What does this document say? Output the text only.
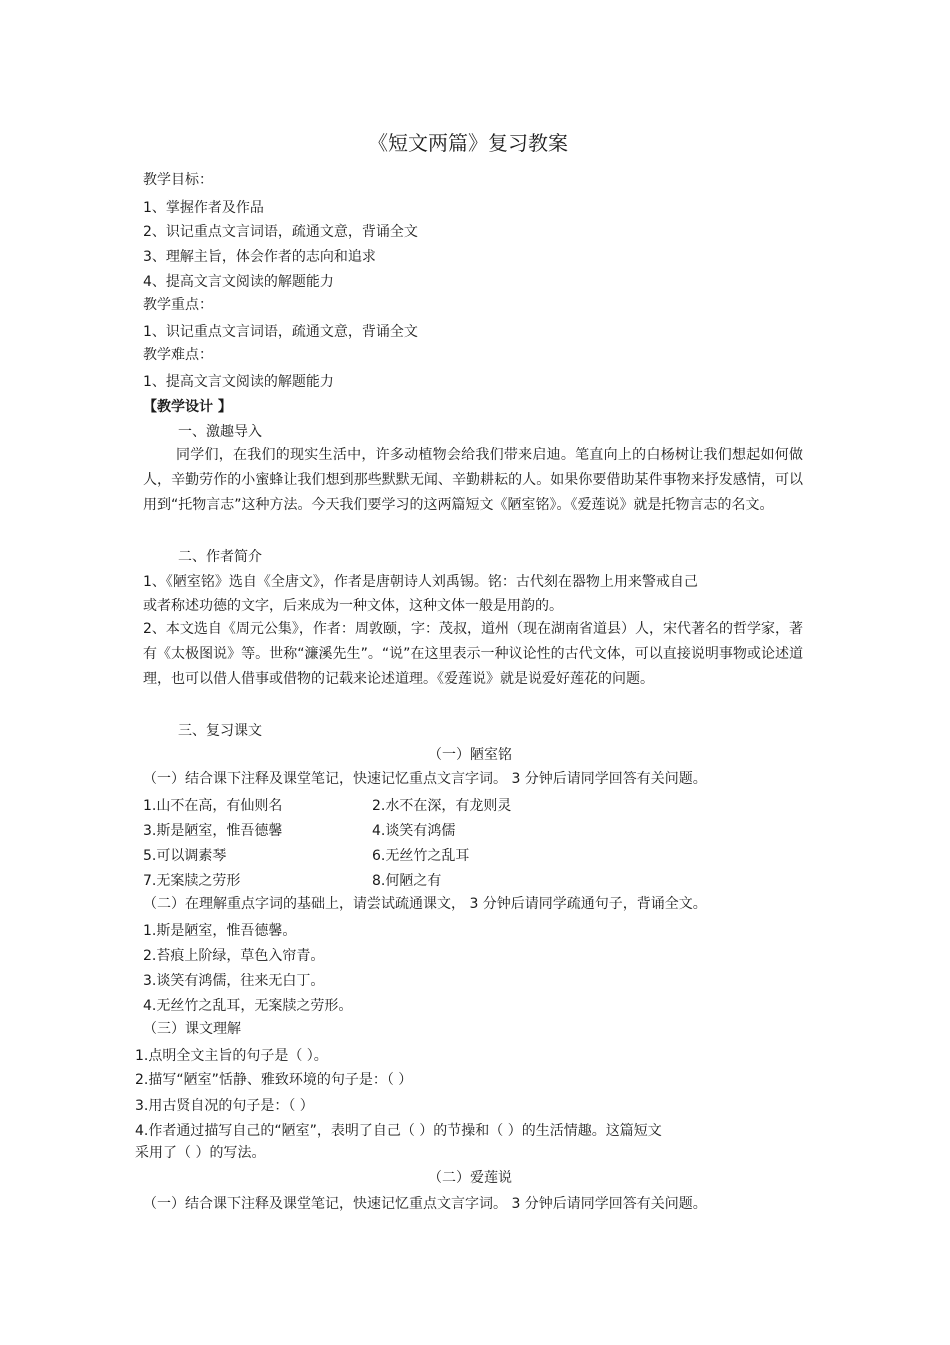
《短文两篇》复习教案
教学目标：
1、掌握作者及作品
2、识记重点文言词语，疏通文意，背诵全文
3、理解主旨，体会作者的志向和追求
4、提高文言文阅读的解题能力
教学重点：
1、识记重点文言词语，疏通文意，背诵全文
教学难点：
1、提高文言文阅读的解题能力
【教学设计 】
一、激趣导入
同学们，在我们的现实生活中，许多动植物会给我们带来启迪。笔直向上的白杨树让我们想起如何做人，辛勤劳作的小蜜蜂让我们想到那些默默无闻、辛勤耕耘的人。如果你要借助某件事物来抒发感情，可以用到“托物言志”这种方法。今天我们要学习的这两篇短文《陋室铭》。《爱莲说》就是托物言志的名文。
二、作者简介
1、《陋室铭》选自《全唐文》，作者是唐朝诗人刘禹锡。铭：古代刻在器物上用来警戒自己
或者称述功德的文字，后来成为一种文体，这种文体一般是用韵的。
2、本文选自《周元公集》，作者：周敦颐，字：茂叔，道州（现在湖南省道县）人，宋代著名的哲学家，著有《太极图说》等。世称“濂溪先生”。“说”在这里表示一种议论性的古代文体，可以直接说明事物或论述道理，也可以借人借事或借物的记载来论述道理。《爱莲说》就是说爱好莲花的问题。
三、复习课文
（一）陋室铭
（一）结合课下注释及课堂笔记，快速记忆重点文言字词。 3 分钟后请同学回答有关问题。
1.山不在高，有仙则名	2.水不在深，有龙则灵
3.斯是陋室，惟吾德馨	4.谈笑有鸿儒
5.可以调素琴	6.无丝竹之乱耳
7.无案牍之劳形	8.何陋之有
（二）在理解重点字词的基础上，请尝试疏通课文， 3 分钟后请同学疏通句子，背诵全文。
1.斯是陋室，惟吾德馨。
2.苔痕上阶绿，草色入帘青。
3.谈笑有鸿儒，往来无白丁。
4.无丝竹之乱耳，无案牍之劳形。
（三）课文理解
1.点明全文主旨的句子是（ ）。
2.描写“陋室”恬静、雅致环境的句子是：（ ）
3.用古贤自况的句子是：（ ）
4.作者通过描写自己的“陋室”，表明了自己（ ）的节操和（ ）的生活情趣。这篇短文
采用了（ ）的写法。
（二）爱莲说
（一）结合课下注释及课堂笔记，快速记忆重点文言字词。 3 分钟后请同学回答有关问题。
